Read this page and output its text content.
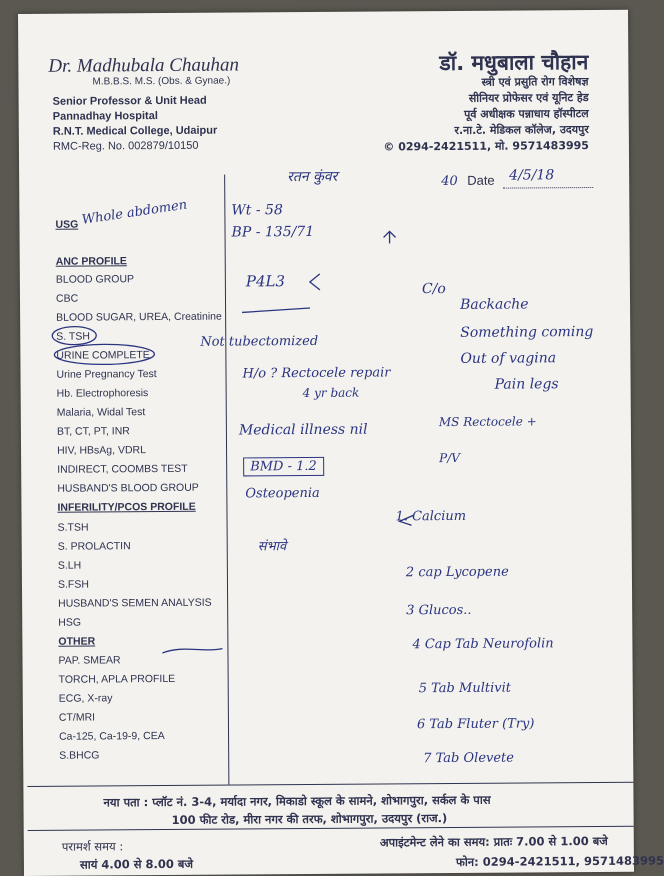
Dr. Madhubala Chauhan
M.B.B.S. M.S. (Obs. & Gynae.)
Senior Professor & Unit Head
Pannadhay Hospital
R.N.T. Medical College, Udaipur
RMC-Reg. No. 002879/10150
डॉ. मधुबाला चौहान
स्त्री एवं प्रसुति रोग विशेषज्ञ
सीनियर प्रोफेसर एवं यूनिट हेड
पूर्व अधीक्षक पन्नाधाय हॉस्पीटल
र.ना.टे. मेडिकल कॉलेज, उदयपुर
© 0294-2421511, मो. 9571483995
रतन कुंवर	40 Date 4/5/18
USG
ANC PROFILE
BLOOD GROUP
CBC
BLOOD SUGAR, UREA, Creatinine
S. TSH
URINE COMPLETE
Urine Pregnancy Test
Hb. Electrophoresis
Malaria, Widal Test
BT, CT, PT, INR
HIV, HBsAg, VDRL
INDIRECT, COOMBS TEST
HUSBAND'S BLOOD GROUP
INFERILITY/PCOS PROFILE
S.TSH
S. PROLACTIN
S.LH
S.FSH
HUSBAND'S SEMEN ANALYSIS
HSG
OTHER
PAP. SMEAR
TORCH, APLA PROFILE
ECG, X-ray
CT/MRI
Ca-125, Ca-19-9, CEA
S.BHCG
Whole abdomen	Wt - 58
BP - 135/71
P4L3
Not tubectomized
H/o ? Rectocele repair
4 yr back
Medical illness nil
BMD - 1.2
Osteopenia
संभावे
C/o
Backache
Something coming
Out of vagina
Pain legs
MS Rectocele +
P/V
1. Calcium
2 cap Lycopene
3 Glucos..
4 Cap Tab Neurofolin
5 Tab Multivit
6 Tab Fluter (Try)
7 Tab Olevete
नया पता : प्लॉट नं. 3-4, मर्यादा नगर, मिकाडो स्कूल के सामने, शोभागपुरा, सर्कल के पास
100 फीट रोड, मीरा नगर की तरफ, शोभागपुरा, उदयपुर (राज.)
परामर्श समय :
सायं 4.00 से 8.00 बजे
अपाइंटमेन्ट लेने का समय: प्रातः 7.00 से 1.00 बजे
फोन: 0294-2421511, 9571483995
